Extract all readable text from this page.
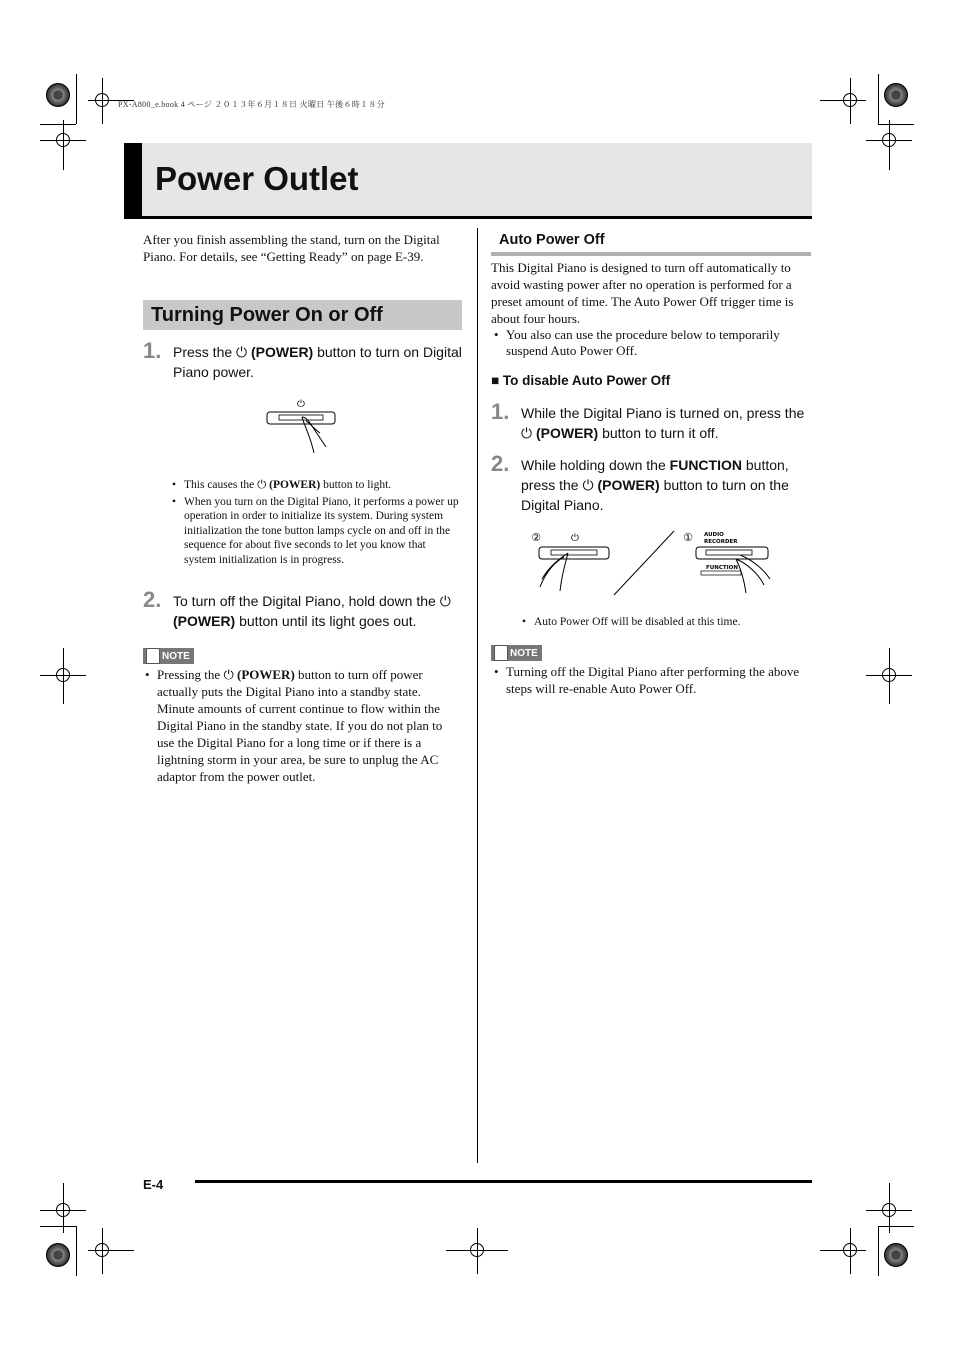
PX-A800_e.book 4 ページ ２０１３年６月１８日 火曜日 午後６時１８分
Power Outlet
After you finish assembling the stand, turn on the Digital Piano. For details, see “Getting Ready” on page E-39.
Turning Power On or Off
1. Press the ⏻ (POWER) button to turn on Digital Piano power.
⏻
• This causes the ⏻ (POWER) button to light.
• When you turn on the Digital Piano, it performs a power up operation in order to initialize its system. During system initialization the tone button lamps cycle on and off in the sequence for about five seconds to let you know that system initialization is in progress.
2. To turn off the Digital Piano, hold down the ⏻ (POWER) button until its light goes out.
NOTE
• Pressing the ⏻ (POWER) button to turn off power actually puts the Digital Piano into a standby state. Minute amounts of current continue to flow within the Digital Piano in the standby state. If you do not plan to use the Digital Piano for a long time or if there is a lightning storm in your area, be sure to unplug the AC adaptor from the power outlet.
Auto Power Off
This Digital Piano is designed to turn off automatically to avoid wasting power after no operation is performed for a preset amount of time. The Auto Power Off trigger time is about four hours.
• You also can use the procedure below to temporarily suspend Auto Power Off.
■ To disable Auto Power Off
1. While the Digital Piano is turned on, press the ⏻ (POWER) button to turn it off.
2. While holding down the FUNCTION button, press the ⏻ (POWER) button to turn on the Digital Piano.
②	⏻	① AUDIO
RECORDER
FUNCTION
• Auto Power Off will be disabled at this time.
NOTE
• Turning off the Digital Piano after performing the above steps will re-enable Auto Power Off.
E-4
